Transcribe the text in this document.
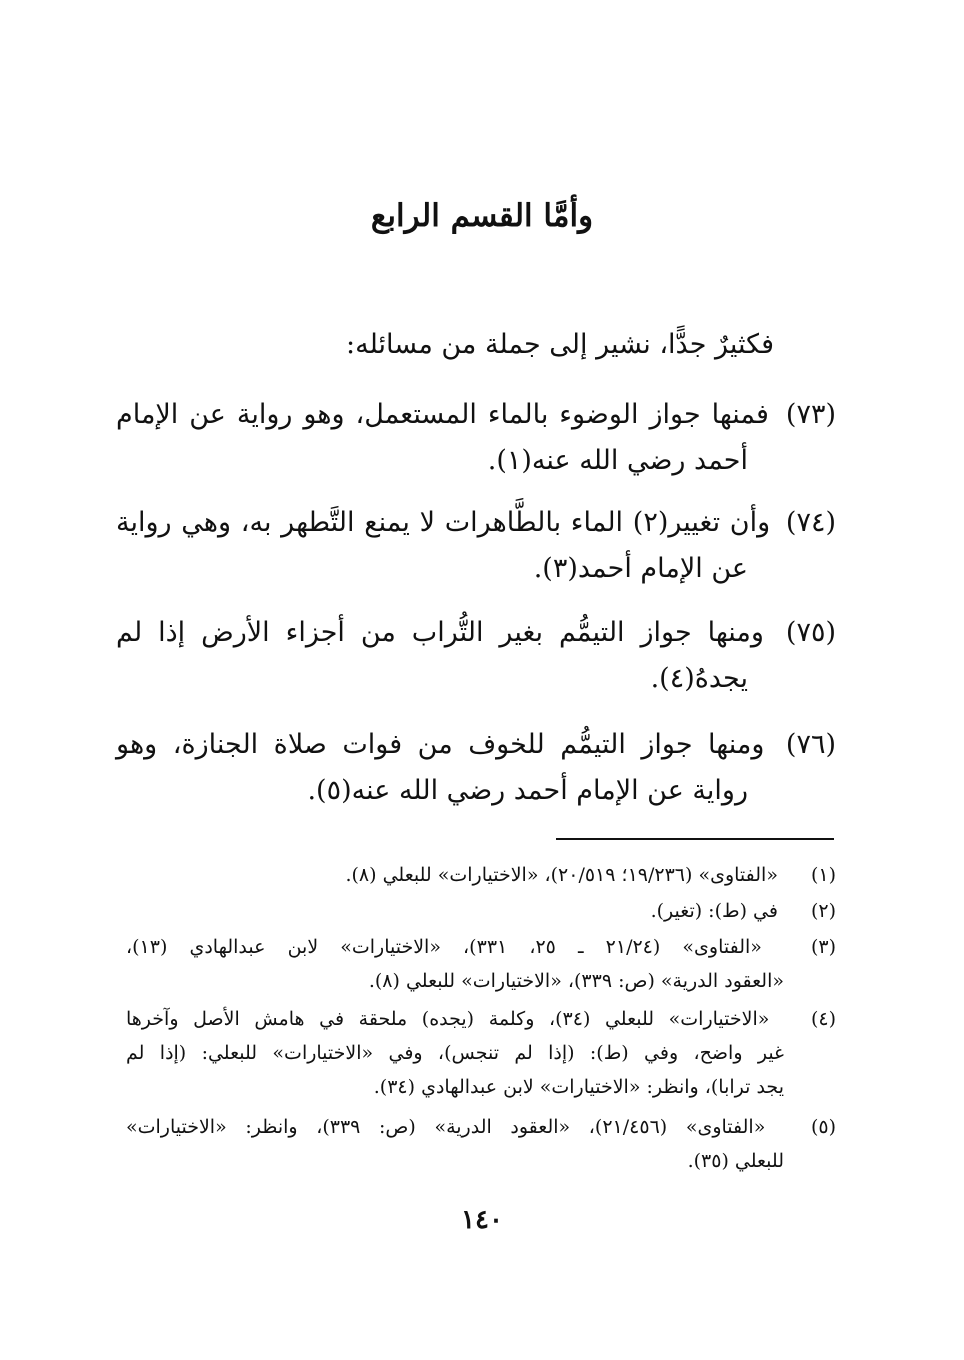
وأمَّا القسم الرابع
فكثيرٌ جدًّا، نشير إلى جملة من مسائله:
(٧٣) فمنها جواز الوضوء بالماء المستعمل، وهو رواية عن الإمام
أحمد رضي الله عنه(١).
(٧٤) وأن تغيير(٢) الماء بالطَّاهرات لا يمنع التَّطهر به، وهي رواية
عن الإمام أحمد(٣).
(٧٥) ومنها جواز التيمُّم بغير التُّراب من أجزاء الأرض إذا لم
يجدهُ(٤).
(٧٦) ومنها جواز التيمُّم للخوف من فوات صلاة الجنازة، وهو
رواية عن الإمام أحمد رضي الله عنه(٥).
(١) «الفتاوى» (١٩/٢٣٦؛ ٢٠/٥١٩)، «الاختيارات» للبعلي (٨).
(٢) في (ط): (تغير).
(٣) «الفتاوى» (٢١/٢٤ ـ ٢٥، ٣٣١)، «الاختيارات» لابن عبدالهادي (١٣)،
«العقود الدرية» (ص: ٣٣٩)، «الاختيارات» للبعلي (٨).
(٤) «الاختيارات» للبعلي (٣٤)، وكلمة (يجده) ملحقة في هامش الأصل وآخرها
غير واضح، وفي (ط): (إذا لم تنجس)، وفي «الاختيارات» للبعلي: (إذا لم
يجد ترابا)، وانظر: «الاختيارات» لابن عبدالهادي (٣٤).
(٥) «الفتاوى» (٢١/٤٥٦)، «العقود الدرية» (ص: ٣٣٩)، وانظر: «الاختيارات»
للبعلي (٣٥).
١٤٠
